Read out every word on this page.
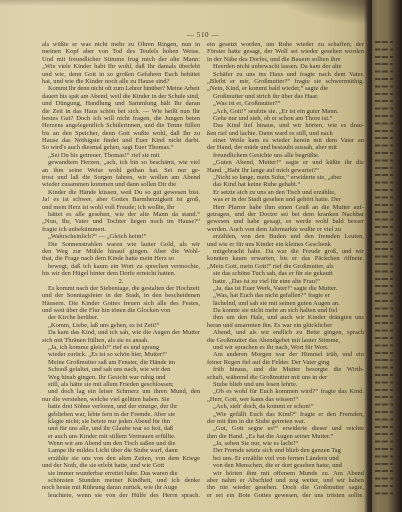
— 510 —
als wüßte er was nicht mehr zu Ohren Ringen, nun in
meinen Kopf aber von Tod des Teufels hohen Weise.
Und mit freundlicher Stimme frug mich der alte Mann:
„Wie viele Kinder habt Ihr wohl, daß Ihr damals überlebt
und wie, denn Gott in so großen Gefahren Euch behütet
hat, und wie die Kinder noch alle zu Hause sind?
Kommt Ihr denn nicht oft zum Lehrer hinüber? Meine Arbeit
dauert bis spät am Abend, weil die Kinder in der Schule sind,
und Düngung, Handlung und Sammlung hält Ihr daran
die Zeit in das Haus schön bei sich. — Wie heißt nun Ihr
bestes Gut? Doch ich will nicht fragen, die Jungen beten
Herzens angelegentlich Schülerinnen, und die Tenne füllen
bis an den Speicher, denn Gott wußte wohl, daß Ihr zu
Hause das Nöthigste findet und Euer Kind nicht darbt.
So wird's auch diesmal gehen, sagt Euer Thomas.“
„Sei Du bis getreuer, Thomas!“ rief sie mit
gewandtem Herzen, „ach, ich bin so beschämt, wie viel
an ihm seine Weise wohl gethan hat. Sei nur ge-
trost und laß die Sorgen fahren, wir wollen am Abend
wieder zusammen kommen und dann sollen Dir die
Kinder die Hände küssen, weil Du so gut gewesen bist.
Ja! es ist schwer, aber Gottes Barmherzigkeit ist groß,
und mein Herz ist wohl voll Freude; ich wollte, Ihr
hättet es alle gesehen, wie der alte Mann da stand.“
„Nun, Ihr, Vater und Tochter liegen noch im Hause?“
fragte ich unbekümmert.
„Wahrscheinlich?“ — „Gleich heim!“
Die Sonnenstrahlen waren wie lauter Gold, als wir
den Weg zur Mühle hinauf gingen. Aber die Wohl-
that, die Frage nach dem Kinde hatte mein Herz so
bewegt, daß ich kaum ein Wort zu sprechen vermochte,
bis wir den Hügel hinter dem Dorfe erreicht hatten.
2.
Es kommt nach der Siebentage, die gestalten der Hochzeit
und der Sonntagsfeier in der Stadt, in den bescheidenen
Häusern. Die Kinder Gottes freuen sich alle des Festes,
und weit über die Flur hin tönen die Glocken von
der Kirche herüber.
„Komm, Liebe, laß uns gehen, es ist Zeit!“
Da kam das Kind, und ich sah, wie die Augen der Mutter
sich mit Thränen füllten, als sie es ansah.
„Ja, ich komme gleich!“ rief es und sprang
wieder zurück. „Es ist so schön hier, Mutter!“
Meine Großmutter saß am Fenster, die Hände im
Schooß gefaltet, und sah uns nach, wie wir den
Weg hinab gingen. Ihr Gesicht war ruhig und
still, als hätte sie mit allem Frieden geschlossen;
und doch lag ein leiser Schmerz um ihren Mund, den
nur die verstehen, welche viel gelitten haben. Sie
hatte drei Söhne verloren, und der einzige, der ihr
geblieben war, lebte fern in der Fremde. Aber sie
klagte nicht; sie betete nur jeden Abend für ihn
und für uns alle, und ihr Glaube war so fest, daß
er auch uns Kinder mit stillem Vertrauen erfüllte.
Wenn wir am Abend um den Tisch saßen und die
Lampe ihr mildes Licht über die Stube warf, dann
erzählte sie uns von den alten Zeiten, von dem Kriege
und der Noth, die sie erlebt hatte, und wie Gott
sie immer wunderbar errettet habe. Das waren die
schönsten Stunden meiner Kindheit, und ich denke
noch heute mit Rührung daran zurück, wie ihr Auge
leuchtete, wenn sie von der Hülfe des Herrn sprach.
ein gesetzt worden, um Ruhe wieder zu schaffen; der
Förster hatte gesagt, der Wolf sei wieder gesehen worden
in der Nähe des Dorfes, und die Bauern sollten ihre
Heerden nicht unbewacht lassen. Da kam der alte
Schäfer zu uns ins Haus und fragte nach dem Vater.
„Bleibt er mir, Großmutter?“ fragte sie schwermüthig.
„Nein, Kind, er kommt bald wieder,“ sagte die
Großmutter und strich ihr über das Haar.
„Was ist er, Großmutter?“
„Ach, Gott!“ seufzte sie. „Er ist ein guter Mann.
Gehe nur und sieh, ob er schon am Thore ist.“
Das Kind lief hinaus, und wir hörten, wie es drau-
ßen rief und lachte. Dann ward es still, und nach
einer Weile kam es wieder herein mit dem Vater an
der Hand, der müde und bestaubt aussah, aber mit
freundlichem Gesichte uns alle begrüßte.
„Guten Abend, Mutter!“ sagte er und küßte ihr die
Hand. „Habt Ihr lange auf mich gewartet?“
„Nicht so lange, mein Sohn,“ erwiderte sie, „aber
das Kind hat keine Ruhe gehabt.“
Er setzte sich zu uns an den Tisch und erzählte,
was er in der Stadt gesehen und gehört hatte. Der
Herr Pfarrer habe ihm einen Gruß an die Mutter auf-
getragen, und der Doctor sei bei dem kranken Nachbar
gewesen und habe gesagt, es werde wohl bald besser
werden. Auch von dem Jahrmarkte wußte er viel zu
erzählen, von den Buden und den fremden Leuten,
und wie er für uns Kinder ein kleines Geschenk
mitgebracht habe. Da war die Freude groß, und wir
konnten kaum erwarten, bis er das Päckchen öffnete.
„Mein Gott, mein Gott!“ rief die Großmutter, als
sie das schöne Tuch sah, das er für sie gekauft
hatte. „Das ist zu viel für eine alte Frau!“
„Ja, das ist Euer Werk, Vater!“ sagte die Mutter.
„Was, hat Euch das nicht gefallen?“ fragte er
lächelnd, und sah sie mit seinen guten Augen an.
Da konnte sie nicht mehr an sich halten und fiel
ihm um den Hals, und auch wir Kinder drängten uns
heran und umarmten ihn. Es war ein glücklicher
Abend, und als wir endlich zu Bette gingen, sprach
die Großmutter das Abendgebet mit lauter Stimme,
und wir sprachen es ihr nach, Wort für Wort.
Am anderen Morgen war der Himmel trüb, und ein
feiner Regen fiel auf die Felder. Der Vater ging
früh hinaus, und die Mutter besorgte die Wirth-
schaft, während die Großmutter mit uns in der
Stube blieb und uns lesen lehrte.
„Ob es wohl für Euch kommen wird?“ fragte das Kind.
„Herr, Gott, wer kann das wissen!“
„Ach, sieh' doch, da kommt er schon!“
„Wie gefällt Euch das Kind?“ fragte er den Fremden,
der mit ihm in die Stube getreten war.
„Gut, Gott segne es!“ erwiderte dieser und reichte
ihm die Hand. „Es hat die Augen seiner Mutter.“
„Ja, sehen Sie nur, wie es lacht!“
Der Fremde setzte sich und blieb den ganzen Tag
bei uns. Er erzählte viel von fernen Ländern und
von den Menschen, die er dort gesehen hatte, und
wir hörten ihm mit offenem Munde zu. Am Abend
aber nahm er Abschied und zog weiter, und wir haben
ihn nie wieder gesehen. Doch die Großmutter sagte,
er sei ein Bote Gottes gewesen, der uns trösten sollte.
